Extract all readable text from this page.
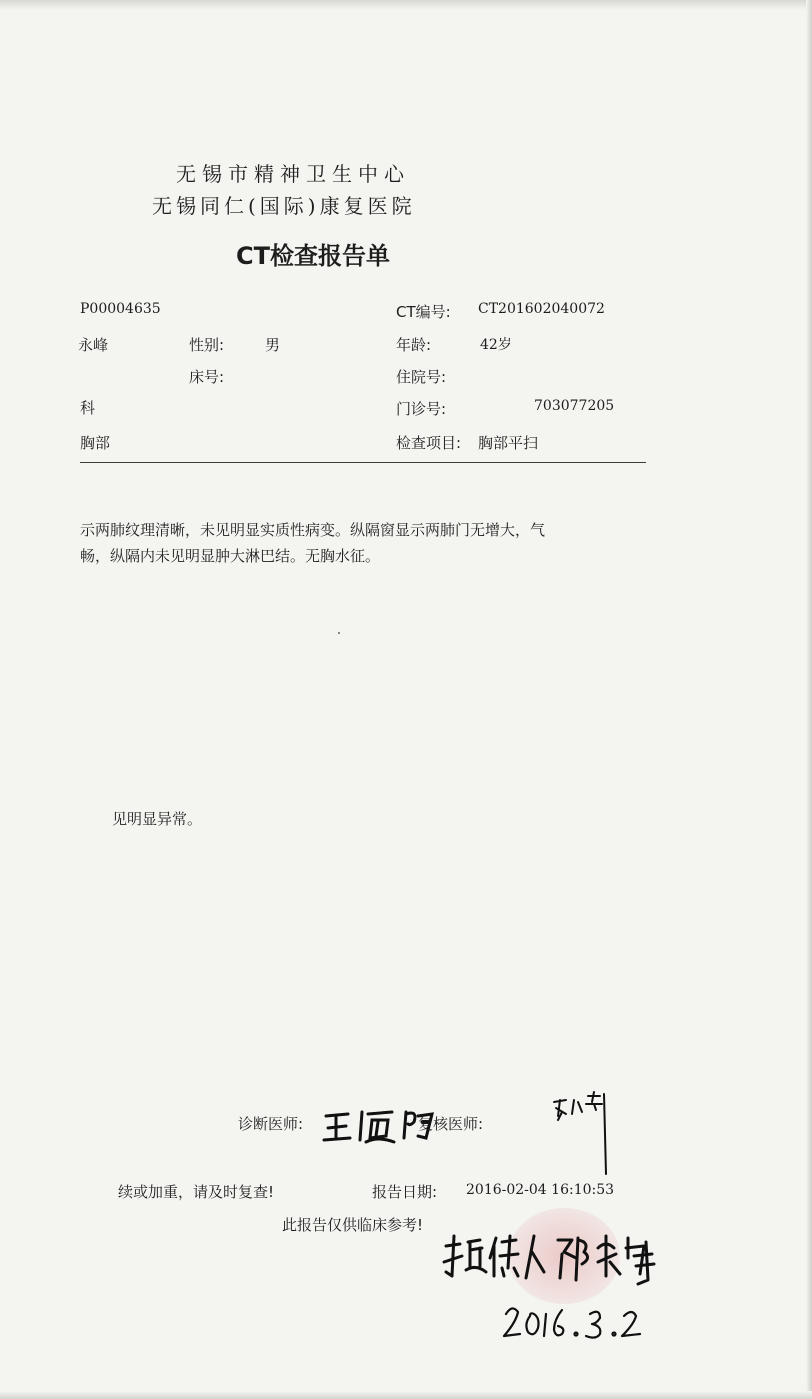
无锡市精神卫生中心
无锡同仁(国际)康复医院
CT检查报告单
P00004635	CT编号: CT201602040072
永峰	性别:	男	年龄:	42岁
床号:	住院号:
科	门诊号:	703077205
胸部	检查项目: 胸部平扫
示两肺纹理清晰，未见明显实质性病变。纵隔窗显示两肺门无增大，气
畅，纵隔内未见明显肿大淋巴结。无胸水征。
见明显异常。
诊断医师:	复核医师:
续或加重，请及时复查!	报告日期: 2016-02-04 16:10:53
此报告仅供临床参考!
